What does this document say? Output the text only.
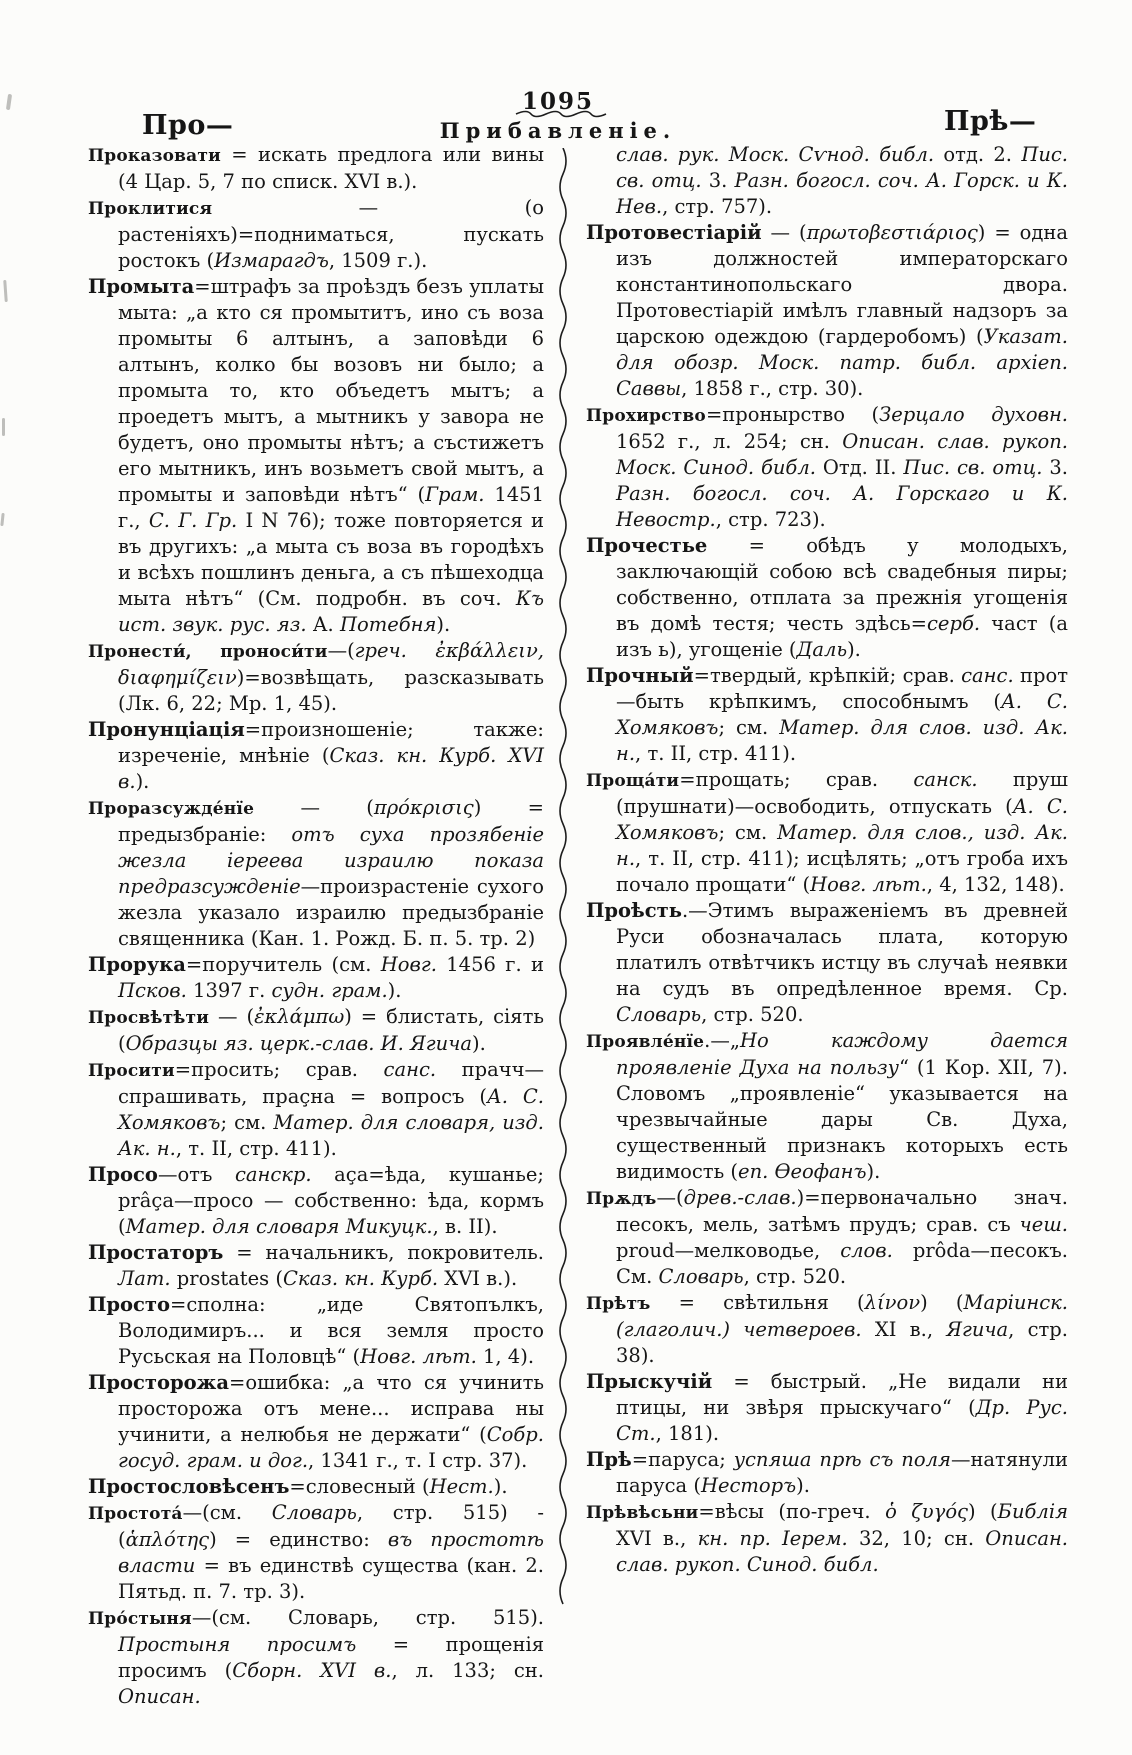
1095
Про—	Прибавленіе.	Прѣ—

Проказовати = искать предлога или вины (4 Цар. 5, 7 по списк. XVI в.).

Проклитися — (о растеніяхъ)=подниматься, пускать ростокъ (Измарагдъ, 1509 г.).

Промыта=штрафъ за проѣздъ безъ уплаты мыта: „а кто ся промытитъ, ино съ воза промыты 6 алтынъ, а заповѣди 6 алтынъ, колко бы возовъ ни было; а промыта то, кто объедетъ мытъ; а проедетъ мытъ, а мытникъ у завора не будетъ, оно промыты нѣтъ; а състижетъ его мытникъ, инъ возьметъ свой мытъ, а промыты и заповѣди нѣтъ“ (Грам. 1451 г., С. Г. Гр. I N 76); тоже повторяется и въ другихъ: „а мыта съ воза въ городѣхъ и всѣхъ пошлинъ деньга, а съ пѣшеходца мыта нѣтъ“ (См. подробн. въ соч. Къ ист. звук. рус. яз. А. Потебня).

Пронести́, проноси́ти—(греч. ἐκβάλλειν, διαφημίζειν)=возвѣщать, разсказывать (Лк. 6, 22; Мр. 1, 45).

Пронунціація=произношеніе; также: изреченіе, мнѣніе (Сказ. кн. Курб. XVI в.).

Проразсужде́нїе — (πρόκρισις) = предызбраніе: отъ суха прозябеніе жезла іереева израилю показа предразсужденіе—произрастеніе сухого жезла указало израилю предызбраніе священника (Кан. 1. Рожд. Б. п. 5. тр. 2)

Прорука=поручитель (см. Новг. 1456 г. и Псков. 1397 г. судн. грам.).

Просвѣтѣти — (ἐκλάμπω) = блистать, сіять (Образцы яз. церк.-слав. И. Ягича).

Просити=просить; срав. санс. прачч—спрашивать, праçна = вопросъ (А. С. Хомяковъ; см. Матер. для словаря, изд. Ак. н., т. II, стр. 411).

Просо—отъ санскр. аçа=ѣда, кушанье; prâça—просо — собственно: ѣда, кормъ (Матер. для словаря Микуцк., в. II).

Простаторъ = начальникъ, покровитель. Лат. prostates (Сказ. кн. Курб. XVI в.).

Просто=сполна: „иде Святопълкъ, Володимиръ... и вся земля просто Русьская на Половцѣ“ (Новг. лѣт. 1, 4).

Просторожа=ошибка: „а что ся учинить просторожа отъ мене... исправа ны учинити, а нелюбья не держати“ (Собр. госуд. грам. и дог., 1341 г., т. I стр. 37).

Простословѣсенъ=словесный (Нест.).

Простота́—(см. Словарь, стр. 515) - (ἁπλότης) = единство: въ простотѣ власти = въ единствѣ существа (кан. 2. Пятьд. п. 7. тр. 3).

Про́стыня—(см. Словарь, стр. 515). Простыня просимъ = прощенія просимъ (Сборн. XVI в., л. 133; сн. Описан.

слав. рук. Моск. Сѵнод. библ. отд. 2. Пис. св. отц. 3. Разн. богосл. соч. А. Горск. и К. Нев., стр. 757).

Протовестіарій — (πρωτοβεστιάριος) = одна изъ должностей императорскаго константинопольскаго двора. Протовестіарій имѣлъ главный надзоръ за царскою одеждою (гардеробомъ) (Указат. для обозр. Моск. патр. библ. архіеп. Саввы, 1858 г., стр. 30).

Прохирство=пронырство (Зерцало духовн. 1652 г., л. 254; сн. Описан. слав. рукоп. Моск. Синод. библ. Отд. II. Пис. св. отц. 3. Разн. богосл. соч. А. Горскаго и К. Невостр., стр. 723).

Прочестье = обѣдъ у молодыхъ, заключающій собою всѣ свадебныя пиры; собственно, отплата за прежнія угощенія въ домѣ тестя; честь здѣсь=серб. част (а изъ ь), угощеніе (Даль).

Прочный=твердый, крѣпкій; срав. санс. прот—быть крѣпкимъ, способнымъ (А. С. Хомяковъ; см. Матер. для слов. изд. Ак. н., т. II, стр. 411).

Проща́ти=прощать; срав. санск. пруш (прушнати)—освободить, отпускать (А. С. Хомяковъ; см. Матер. для слов., изд. Ак. н., т. II, стр. 411); исцѣлять; „отъ гроба ихъ почало прощати“ (Новг. лѣт., 4, 132, 148).

Проѣсть.—Этимъ выраженіемъ въ древней Руси обозначалась плата, которую платилъ отвѣтчикъ истцу въ случаѣ неявки на судъ въ опредѣленное время. Ср. Словарь, стр. 520.

Проявле́нїе.—„Но каждому дается проявленіе Духа на пользу“ (1 Кор. XII, 7). Словомъ „проявленіе“ указывается на чрезвычайные дары Св. Духа, существенный признакъ которыхъ есть видимость (еп. Ѳеофанъ).

Прѫдъ—(древ.-слав.)=первоначально знач. песокъ, мель, затѣмъ прудъ; срав. съ чеш. proud—мелководье, слов. prôda—песокъ. См. Словарь, стр. 520.

Прѣтъ = свѣтильня (λίνον) (Маріинск. (глаголич.) четвероев. XI в., Ягича, стр. 38).

Прыскучій = быстрый. „Не видали ни птицы, ни звѣря прыскучаго“ (Др. Рус. Ст., 181).

Прѣ=паруса; успяша прѣ съ поля—натянули паруса (Несторъ).

Прѣвѣсьни=вѣсы (по-греч. ὁ ζυγός) (Библія XVI в., кн. пр. Іерем. 32, 10; сн. Описан. слав. рукоп. Синод. библ.
